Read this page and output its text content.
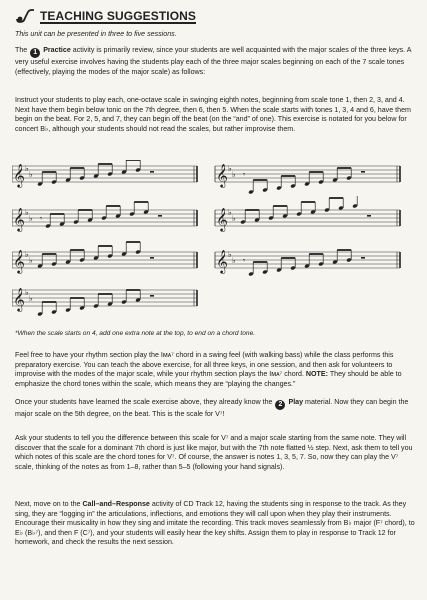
TEACHING SUGGESTIONS
This unit can be presented in three to five sessions.
The 1 Practice activity is primarily review, since your students are well acquainted with the major scales of the three keys. A very useful exercise involves having the students play each of the three major scales beginning on each of the 7 scale tones (effectively, playing the modes of the major scale) as follows:
Instruct your students to play each, one-octave scale in swinging eighth notes, beginning from scale tone 1, then 2, 3, and 4. Next have them begin below tonic on the 7th degree, then 6, then 5. When the scale starts with tones 1, 3, 4 and 6, have them begin on the beat. For 2, 5, and 7, they can begin off the beat (on the “and” of one). This exercise is notated for you below for concert B♭, although your students should not read the scales, but rather improvise them.
𝄞 ♭
♭	𝄞 ♭
♭ 𝄾
𝄞 ♭
♭ 𝄾	𝄞 ♭
♭
𝄞 ♭
♭	𝄞 ♭
♭ 𝄾
𝄞 ♭
♭
*When the scale starts on 4, add one extra note at the top, to end on a chord tone.
Feel free to have your rhythm section play the Iᴍᴀ⁷ chord in a swing feel (with walking bass) while the class performs this preparatory exercise. You can teach the above exercise, for all three keys, in one session, and then ask for volunteers to improvise with the modes of the major scale, while your rhythm section plays the Iᴍᴀ⁷ chord. NOTE: They should be able to emphasize the chord tones within the scale, which means they are “playing the changes.”
Once your students have learned the scale exercise above, they already know the 2 Play material. Now they can begin the major scale on the 5th degree, on the beat. This is the scale for V⁷!
Ask your students to tell you the difference between this scale for V⁷ and a major scale starting from the same note. They will discover that the scale for a dominant 7th chord is just like major, but with the 7th note flatted ½ step. Next, ask them to tell you which notes of this scale are the chord tones for V⁷. Of course, the answer is notes 1, 3, 5, 7. So, now they can play the V⁷ scale, thinking of the notes as from 1–8, rather than 5–5 (following your hand signals).
Next, move on to the Call–and–Response activity of CD Track 12, having the students sing in response to the track. As they sing, they are “logging in” the articulations, inflections, and emotions they will call upon when they play their instruments. Encourage their musicality in how they sing and imitate the recording. This track moves seamlessly from B♭ major (F⁷ chord), to E♭ (B♭⁷), and then F (C⁷), and your students will easily hear the key shifts. Assign them to play in response to Track 12 for homework, and check the results the next session.
